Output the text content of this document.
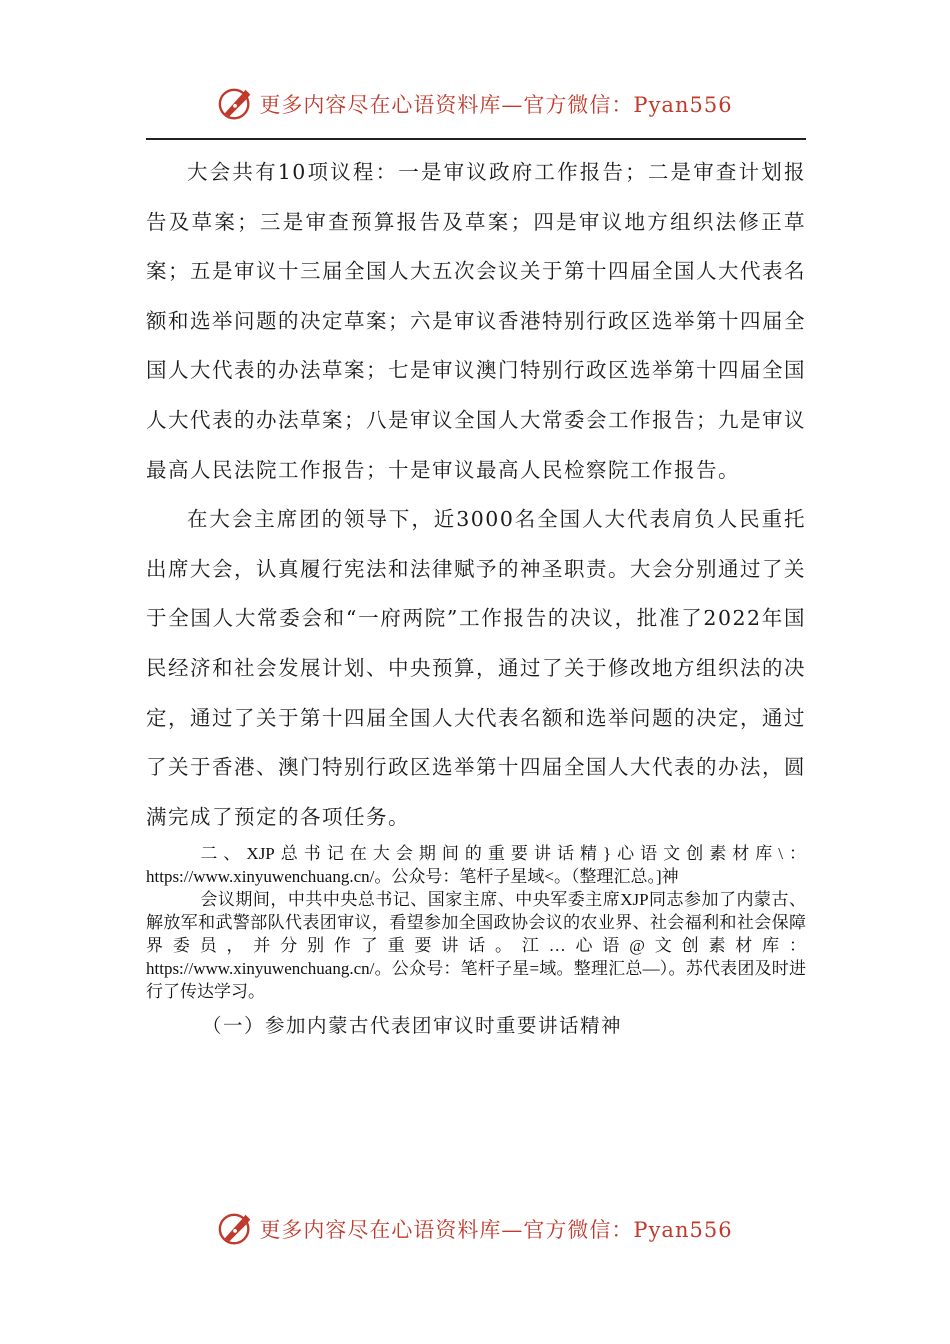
更多内容尽在心语资料库—官方微信：Pyan556

大会共有10项议程：一是审议政府工作报告；二是审查计划报告及草案；三是审查预算报告及草案；四是审议地方组织法修正草案；五是审议十三届全国人大五次会议关于第十四届全国人大代表名额和选举问题的决定草案；六是审议香港特别行政区选举第十四届全国人大代表的办法草案；七是审议澳门特别行政区选举第十四届全国人大代表的办法草案；八是审议全国人大常委会工作报告；九是审议最高人民法院工作报告；十是审议最高人民检察院工作报告。

在大会主席团的领导下，近3000名全国人大代表肩负人民重托出席大会，认真履行宪法和法律赋予的神圣职责。大会分别通过了关于全国人大常委会和“一府两院”工作报告的决议，批准了2022年国民经济和社会发展计划、中央预算，通过了关于修改地方组织法的决定，通过了关于第十四届全国人大代表名额和选举问题的决定，通过了关于香港、澳门特别行政区选举第十四届全国人大代表的办法，圆满完成了预定的各项任务。

二、XJP总书记在大会期间的重要讲话精}心语文创素材库\：https://www.xinyuwenchuang.cn/。公众号：笔杆子星域<。（整理汇总。]神

会议期间，中共中央总书记、国家主席、中央军委主席XJP同志参加了内蒙古、解放军和武警部队代表团审议，看望参加全国政协会议的农业界、社会福利和社会保障界委员，并分别作了重要讲话。江…心语@文创素材库：https://www.xinyuwenchuang.cn/。公众号：笔杆子星=域。整理汇总—）。苏代表团及时进行了传达学习。

（一）参加内蒙古代表团审议时重要讲话精神

更多内容尽在心语资料库—官方微信：Pyan556
